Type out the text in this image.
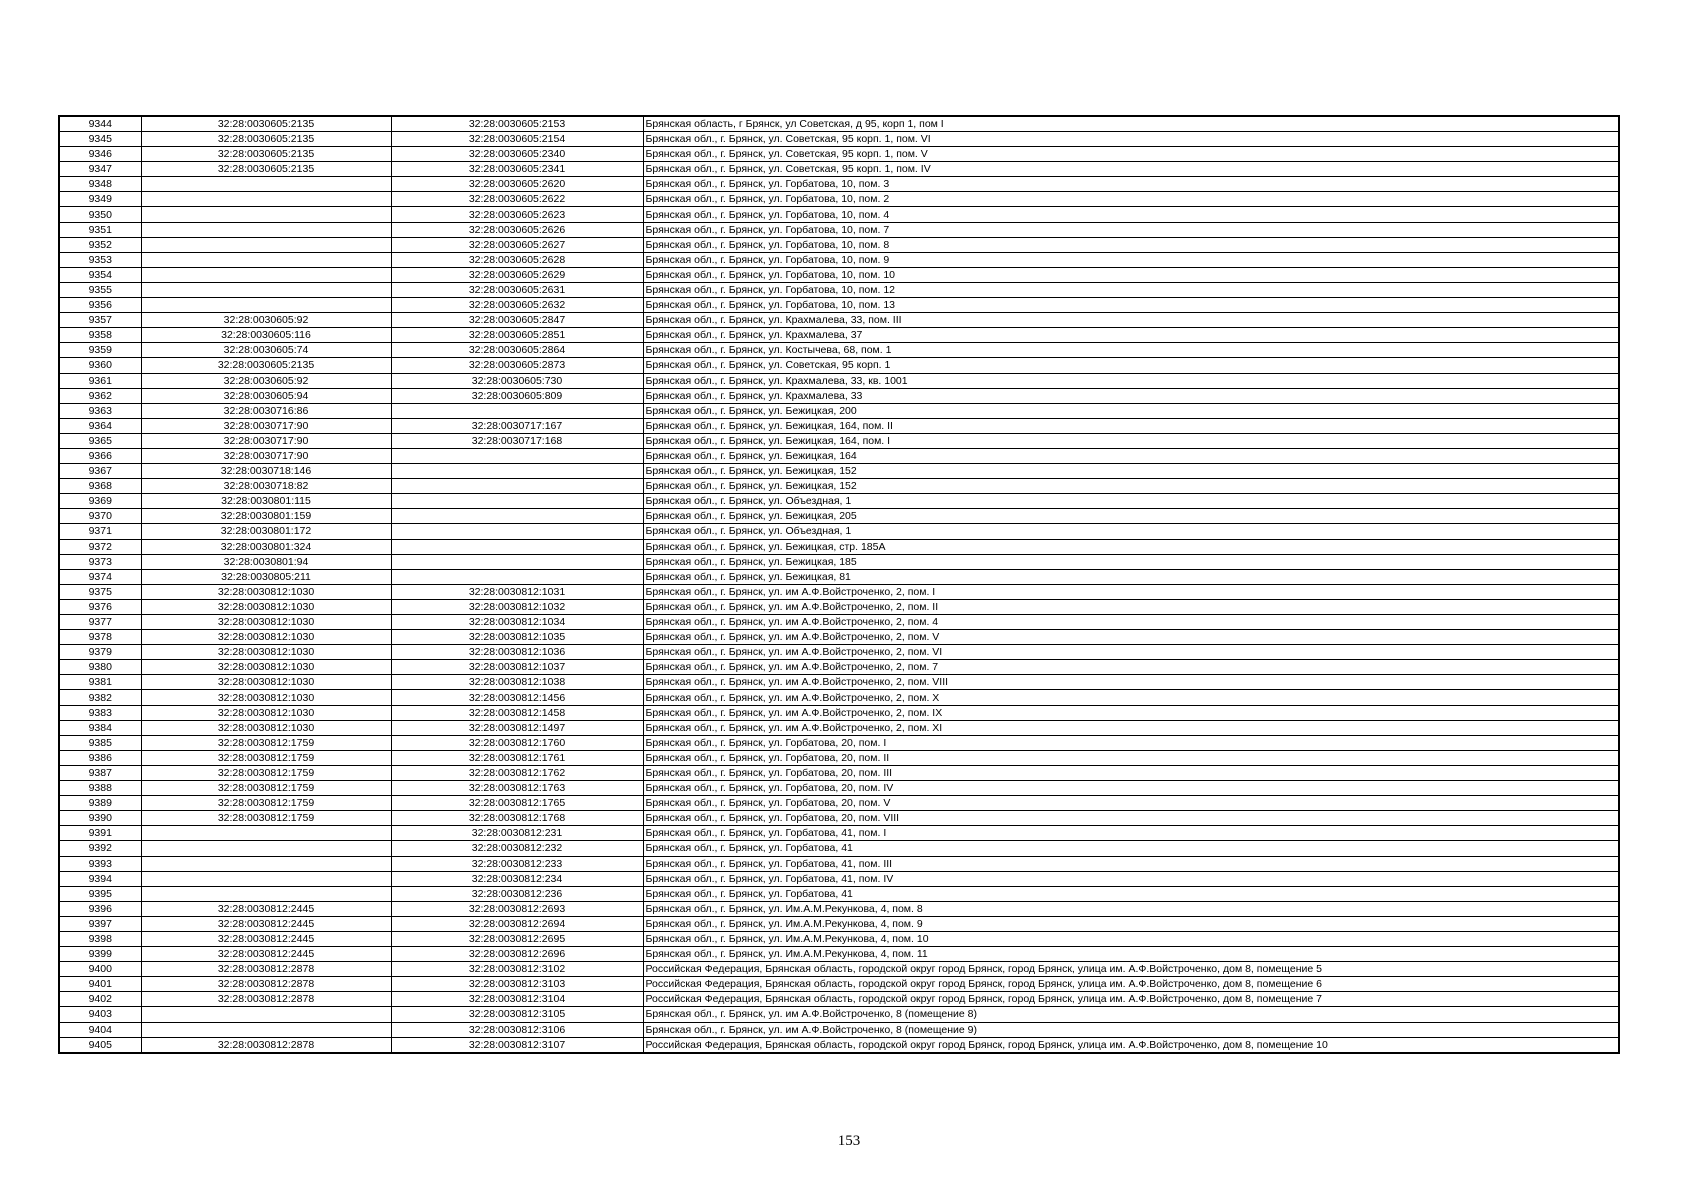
9344	32:28:0030605:2135	32:28:0030605:2153	Брянская область, г Брянск, ул Советская, д 95, корп 1, пом I
9345	32:28:0030605:2135	32:28:0030605:2154	Брянская обл., г. Брянск, ул. Советская, 95 корп. 1, пом. VI
9346	32:28:0030605:2135	32:28:0030605:2340	Брянская обл., г. Брянск, ул. Советская, 95 корп. 1, пом. V
9347	32:28:0030605:2135	32:28:0030605:2341	Брянская обл., г. Брянск, ул. Советская, 95 корп. 1, пом. IV
9348		32:28:0030605:2620	Брянская обл., г. Брянск, ул. Горбатова, 10, пом. 3
9349		32:28:0030605:2622	Брянская обл., г. Брянск, ул. Горбатова, 10, пом. 2
9350		32:28:0030605:2623	Брянская обл., г. Брянск, ул. Горбатова, 10, пом. 4
9351		32:28:0030605:2626	Брянская обл., г. Брянск, ул. Горбатова, 10, пом. 7
9352		32:28:0030605:2627	Брянская обл., г. Брянск, ул. Горбатова, 10, пом. 8
9353		32:28:0030605:2628	Брянская обл., г. Брянск, ул. Горбатова, 10, пом. 9
9354		32:28:0030605:2629	Брянская обл., г. Брянск, ул. Горбатова, 10, пом. 10
9355		32:28:0030605:2631	Брянская обл., г. Брянск, ул. Горбатова, 10, пом. 12
9356		32:28:0030605:2632	Брянская обл., г. Брянск, ул. Горбатова, 10, пом. 13
9357	32:28:0030605:92	32:28:0030605:2847	Брянская обл., г. Брянск, ул. Крахмалева, 33, пом. III
9358	32:28:0030605:116	32:28:0030605:2851	Брянская обл., г. Брянск, ул. Крахмалева, 37
9359	32:28:0030605:74	32:28:0030605:2864	Брянская обл., г. Брянск, ул. Костычева, 68, пом. 1
9360	32:28:0030605:2135	32:28:0030605:2873	Брянская обл., г. Брянск, ул. Советская, 95 корп. 1
9361	32:28:0030605:92	32:28:0030605:730	Брянская обл., г. Брянск, ул. Крахмалева, 33, кв. 1001
9362	32:28:0030605:94	32:28:0030605:809	Брянская обл., г. Брянск, ул. Крахмалева, 33
9363	32:28:0030716:86		Брянская обл., г. Брянск, ул. Бежицкая, 200
9364	32:28:0030717:90	32:28:0030717:167	Брянская обл., г. Брянск, ул. Бежицкая, 164, пом. II
9365	32:28:0030717:90	32:28:0030717:168	Брянская обл., г. Брянск, ул. Бежицкая, 164, пом. I
9366	32:28:0030717:90		Брянская обл., г. Брянск, ул. Бежицкая, 164
9367	32:28:0030718:146		Брянская обл., г. Брянск, ул. Бежицкая, 152
9368	32:28:0030718:82		Брянская обл., г. Брянск, ул. Бежицкая, 152
9369	32:28:0030801:115		Брянская обл., г. Брянск, ул. Объездная, 1
9370	32:28:0030801:159		Брянская обл., г. Брянск, ул. Бежицкая, 205
9371	32:28:0030801:172		Брянская обл., г. Брянск, ул. Объездная, 1
9372	32:28:0030801:324		Брянская обл., г. Брянск, ул. Бежицкая, стр. 185А
9373	32:28:0030801:94		Брянская обл., г. Брянск, ул. Бежицкая, 185
9374	32:28:0030805:211		Брянская обл., г. Брянск, ул. Бежицкая, 81
9375	32:28:0030812:1030	32:28:0030812:1031	Брянская обл., г. Брянск, ул. им А.Ф.Войстроченко, 2, пом. I
9376	32:28:0030812:1030	32:28:0030812:1032	Брянская обл., г. Брянск, ул. им А.Ф.Войстроченко, 2, пом. II
9377	32:28:0030812:1030	32:28:0030812:1034	Брянская обл., г. Брянск, ул. им А.Ф.Войстроченко, 2, пом. 4
9378	32:28:0030812:1030	32:28:0030812:1035	Брянская обл., г. Брянск, ул. им А.Ф.Войстроченко, 2, пом. V
9379	32:28:0030812:1030	32:28:0030812:1036	Брянская обл., г. Брянск, ул. им А.Ф.Войстроченко, 2, пом. VI
9380	32:28:0030812:1030	32:28:0030812:1037	Брянская обл., г. Брянск, ул. им А.Ф.Войстроченко, 2, пом. 7
9381	32:28:0030812:1030	32:28:0030812:1038	Брянская обл., г. Брянск, ул. им А.Ф.Войстроченко, 2, пом. VIII
9382	32:28:0030812:1030	32:28:0030812:1456	Брянская обл., г. Брянск, ул. им А.Ф.Войстроченко, 2, пом. X
9383	32:28:0030812:1030	32:28:0030812:1458	Брянская обл., г. Брянск, ул. им А.Ф.Войстроченко, 2, пом. IX
9384	32:28:0030812:1030	32:28:0030812:1497	Брянская обл., г. Брянск, ул. им А.Ф.Войстроченко, 2, пом. XI
9385	32:28:0030812:1759	32:28:0030812:1760	Брянская обл., г. Брянск, ул. Горбатова, 20, пом. I
9386	32:28:0030812:1759	32:28:0030812:1761	Брянская обл., г. Брянск, ул. Горбатова, 20, пом. II
9387	32:28:0030812:1759	32:28:0030812:1762	Брянская обл., г. Брянск, ул. Горбатова, 20, пом. III
9388	32:28:0030812:1759	32:28:0030812:1763	Брянская обл., г. Брянск, ул. Горбатова, 20, пом. IV
9389	32:28:0030812:1759	32:28:0030812:1765	Брянская обл., г. Брянск, ул. Горбатова, 20, пом. V
9390	32:28:0030812:1759	32:28:0030812:1768	Брянская обл., г. Брянск, ул. Горбатова, 20, пом. VIII
9391		32:28:0030812:231	Брянская обл., г. Брянск, ул. Горбатова, 41, пом. I
9392		32:28:0030812:232	Брянская обл., г. Брянск, ул. Горбатова, 41
9393		32:28:0030812:233	Брянская обл., г. Брянск, ул. Горбатова, 41, пом. III
9394		32:28:0030812:234	Брянская обл., г. Брянск, ул. Горбатова, 41, пом. IV
9395		32:28:0030812:236	Брянская обл., г. Брянск, ул. Горбатова, 41
9396	32:28:0030812:2445	32:28:0030812:2693	Брянская обл., г. Брянск, ул. Им.А.М.Рекункова, 4, пом. 8
9397	32:28:0030812:2445	32:28:0030812:2694	Брянская обл., г. Брянск, ул. Им.А.М.Рекункова, 4, пом. 9
9398	32:28:0030812:2445	32:28:0030812:2695	Брянская обл., г. Брянск, ул. Им.А.М.Рекункова, 4, пом. 10
9399	32:28:0030812:2445	32:28:0030812:2696	Брянская обл., г. Брянск, ул. Им.А.М.Рекункова, 4, пом. 11
9400	32:28:0030812:2878	32:28:0030812:3102	Российская Федерация, Брянская область, городской округ город Брянск, город Брянск, улица им. А.Ф.Войстроченко, дом 8, помещение 5
9401	32:28:0030812:2878	32:28:0030812:3103	Российская Федерация, Брянская область, городской округ город Брянск, город Брянск, улица им. А.Ф.Войстроченко, дом 8, помещение 6
9402	32:28:0030812:2878	32:28:0030812:3104	Российская Федерация, Брянская область, городской округ город Брянск, город Брянск, улица им. А.Ф.Войстроченко, дом 8, помещение 7
9403		32:28:0030812:3105	Брянская обл., г. Брянск, ул. им А.Ф.Войстроченко, 8 (помещение 8)
9404		32:28:0030812:3106	Брянская обл., г. Брянск, ул. им А.Ф.Войстроченко, 8 (помещение 9)
9405	32:28:0030812:2878	32:28:0030812:3107	Российская Федерация, Брянская область, городской округ город Брянск, город Брянск, улица им. А.Ф.Войстроченко, дом 8, помещение 10
153
